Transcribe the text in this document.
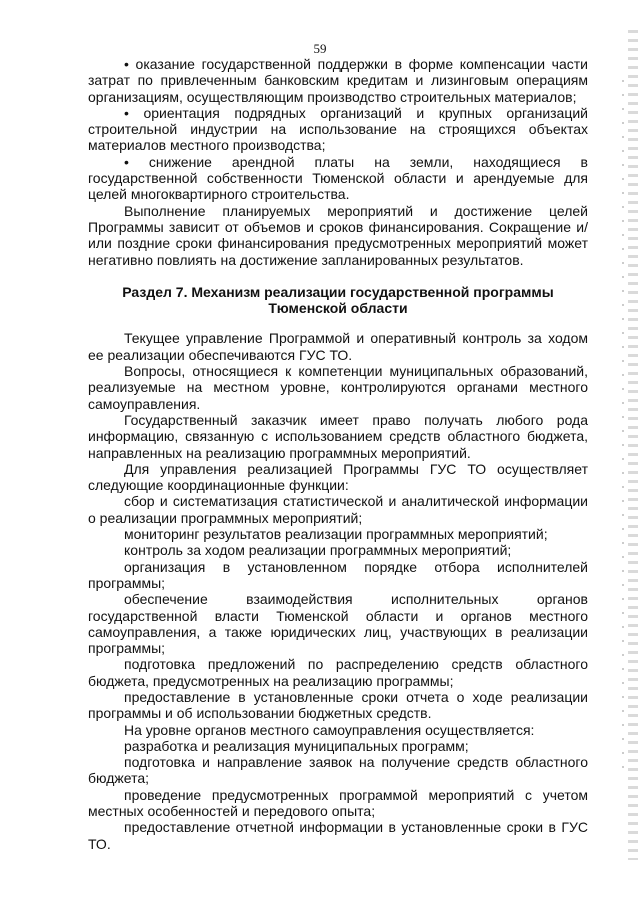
59

• оказание государственной поддержки в форме компенсации части затрат по привлеченным банковским кредитам и лизинговым операциям организациям, осуществляющим производство строительных материалов;

• ориентация подрядных организаций и крупных организаций строительной индустрии на использование на строящихся объектах материалов местного производства;

• снижение арендной платы на земли, находящиеся в государственной собственности Тюменской области и арендуемые для целей многоквартирного строительства.

Выполнение планируемых мероприятий и достижение целей Программы зависит от объемов и сроков финансирования. Сокращение и/или поздние сроки финансирования предусмотренных мероприятий может негативно повлиять на достижение запланированных результатов.

Раздел 7. Механизм реализации государственной программы Тюменской области

Текущее управление Программой и оперативный контроль за ходом ее реализации обеспечиваются ГУС ТО.

Вопросы, относящиеся к компетенции муниципальных образований, реализуемые на местном уровне, контролируются органами местного самоуправления.

Государственный заказчик имеет право получать любого рода информацию, связанную с использованием средств областного бюджета, направленных на реализацию программных мероприятий.

Для управления реализацией Программы ГУС ТО осуществляет следующие координационные функции:

сбор и систематизация статистической и аналитической информации о реализации программных мероприятий;

мониторинг результатов реализации программных мероприятий;

контроль за ходом реализации программных мероприятий;

организация в установленном порядке отбора исполнителей программы;

обеспечение взаимодействия исполнительных органов государственной власти Тюменской области и органов местного самоуправления, а также юридических лиц, участвующих в реализации программы;

подготовка предложений по распределению средств областного бюджета, предусмотренных на реализацию программы;

предоставление в установленные сроки отчета о ходе реализации программы и об использовании бюджетных средств.

На уровне органов местного самоуправления осуществляется:

разработка и реализация муниципальных программ;

подготовка и направление заявок на получение средств областного бюджета;

проведение предусмотренных программой мероприятий с учетом местных особенностей и передового опыта;

предоставление отчетной информации в установленные сроки в ГУС ТО.
